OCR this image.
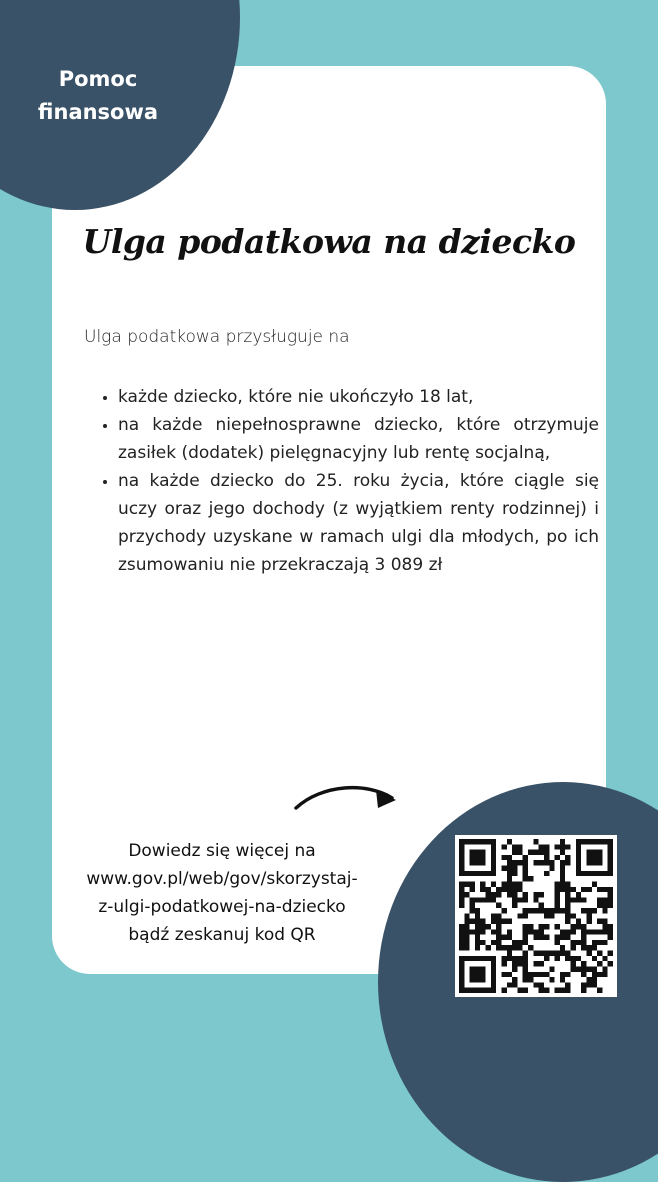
Pomoc
finansowa
Ulga podatkowa na dziecko
Ulga podatkowa przysługuje na
• każde dziecko, które nie ukończyło 18 lat,
• na każde niepełnosprawne dziecko, które otrzymuje zasiłek (dodatek) pielęgnacyjny lub rentę socjalną,
• na każde dziecko do 25. roku życia, które ciągle się uczy oraz jego dochody (z wyjątkiem renty rodzinnej) i przychody uzyskane w ramach ulgi dla młodych, po ich zsumowaniu nie przekraczają 3 089 zł
Dowiedz się więcej na
www.gov.pl/web/gov/skorzystaj-
z-ulgi-podatkowej-na-dziecko
bądź zeskanuj kod QR
